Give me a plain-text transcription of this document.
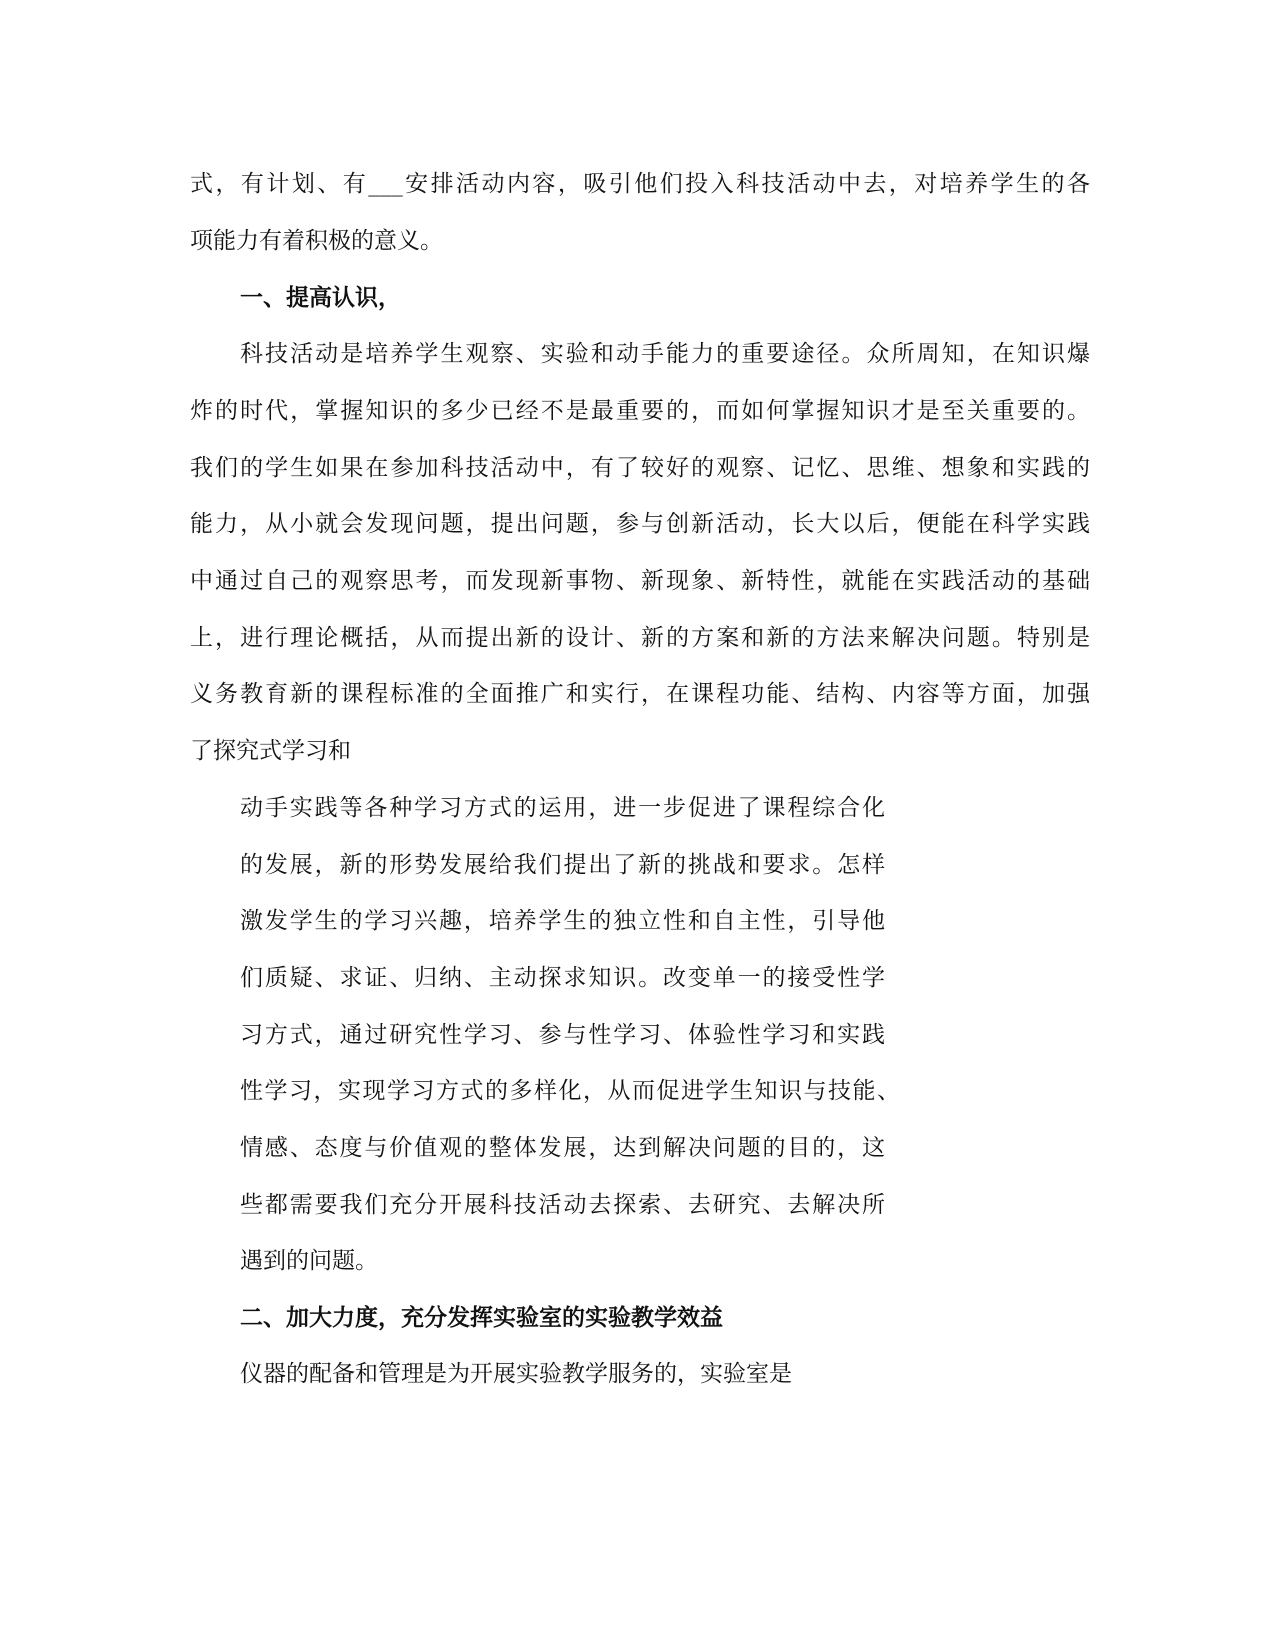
式，有计划、有___安排活动内容，吸引他们投入科技活动中去，对培养学生的各
项能力有着积极的意义。
一、提高认识，
科技活动是培养学生观察、实验和动手能力的重要途径。众所周知，在知识爆
炸的时代，掌握知识的多少已经不是最重要的，而如何掌握知识才是至关重要的。
我们的学生如果在参加科技活动中，有了较好的观察、记忆、思维、想象和实践的
能力，从小就会发现问题，提出问题，参与创新活动，长大以后，便能在科学实践
中通过自己的观察思考，而发现新事物、新现象、新特性，就能在实践活动的基础
上，进行理论概括，从而提出新的设计、新的方案和新的方法来解决问题。特别是
义务教育新的课程标准的全面推广和实行，在课程功能、结构、内容等方面，加强
了探究式学习和
动手实践等各种学习方式的运用，进一步促进了课程综合化
的发展，新的形势发展给我们提出了新的挑战和要求。怎样
激发学生的学习兴趣，培养学生的独立性和自主性，引导他
们质疑、求证、归纳、主动探求知识。改变单一的接受性学
习方式，通过研究性学习、参与性学习、体验性学习和实践
性学习，实现学习方式的多样化，从而促进学生知识与技能、
情感、态度与价值观的整体发展，达到解决问题的目的，这
些都需要我们充分开展科技活动去探索、去研究、去解决所
遇到的问题。
二、加大力度，充分发挥实验室的实验教学效益
仪器的配备和管理是为开展实验教学服务的，实验室是
